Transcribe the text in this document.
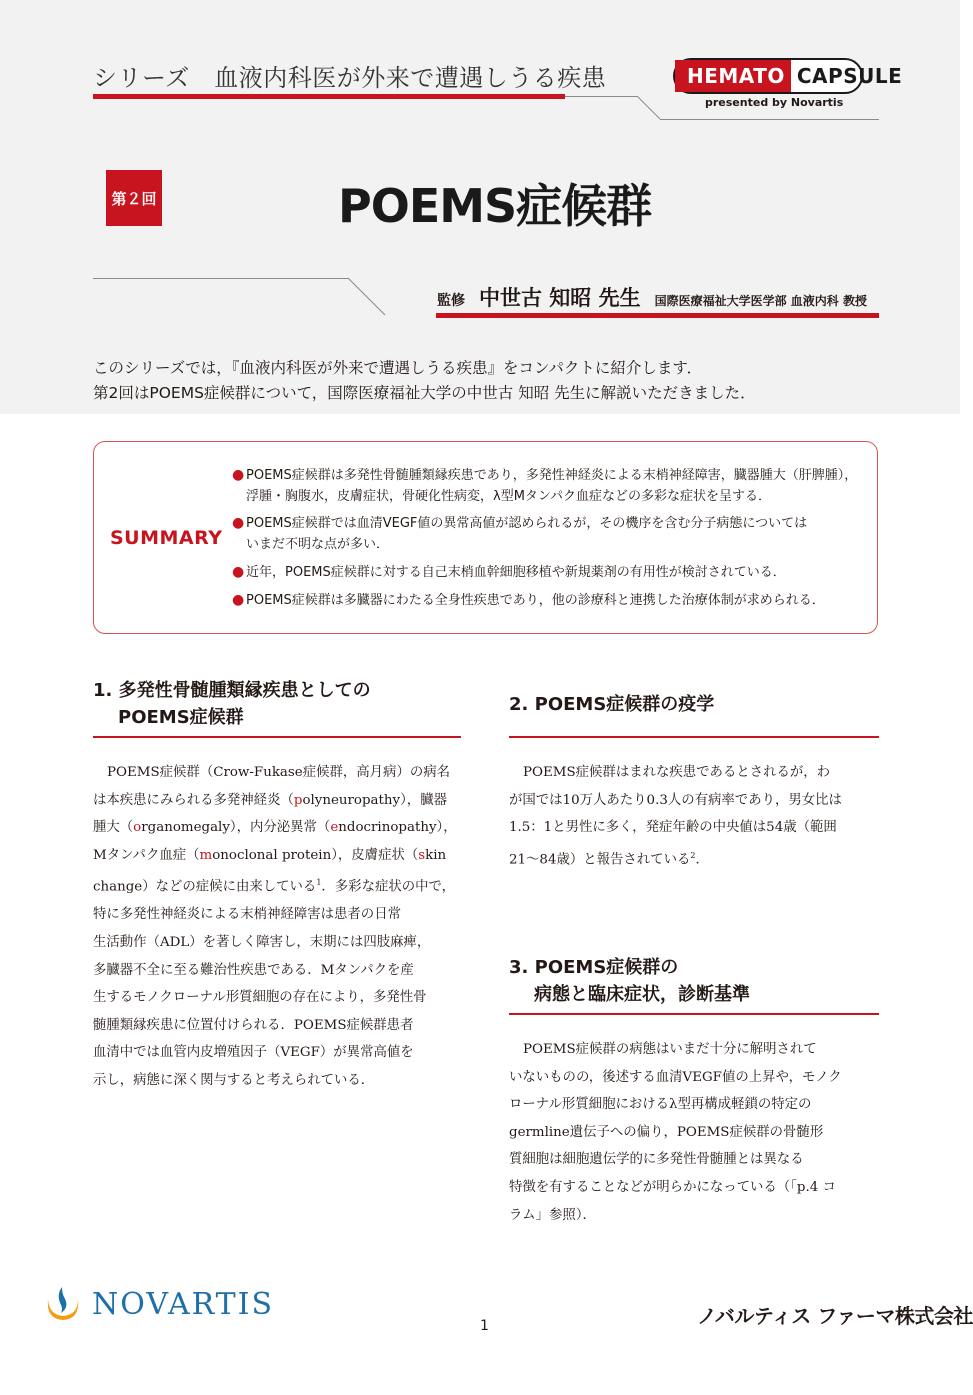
シリーズ　血液内科医が外来で遭遇しうる疾患	HEMATO CAPSULE
presented by Novartis
第２回	POEMS症候群
監修 中世古 知昭 先生 国際医療福祉大学医学部 血液内科 教授
このシリーズでは，『血液内科医が外来で遭遇しうる疾患』をコンパクトに紹介します．
第2回はPOEMS症候群について，国際医療福祉大学の中世古 知昭 先生に解説いただきました．
SUMMARY
● POEMS症候群は多発性骨髄腫類縁疾患であり，多発性神経炎による末梢神経障害，臓器腫大（肝脾腫），
浮腫・胸腹水，皮膚症状，骨硬化性病変，λ型Mタンパク血症などの多彩な症状を呈する．
● POEMS症候群では血清VEGF値の異常高値が認められるが，その機序を含む分子病態については
いまだ不明な点が多い．
● 近年，POEMS症候群に対する自己末梢血幹細胞移植や新規薬剤の有用性が検討されている．
● POEMS症候群は多臓器にわたる全身性疾患であり，他の診療科と連携した治療体制が求められる．
1. 多発性骨髄腫類縁疾患としての
POEMS症候群
2. POEMS症候群の疫学
3. POEMS症候群の
病態と臨床症状，診断基準
POEMS症候群（Crow-Fukase症候群，高月病）の病名
は本疾患にみられる多発神経炎（polyneuropathy），臓器
腫大（organomegaly），内分泌異常（endocrinopathy），
Mタンパク血症（monoclonal protein），皮膚症状（skin
change）などの症候に由来している$^1$．多彩な症状の中で，
特に多発性神経炎による末梢神経障害は患者の日常
生活動作（ADL）を著しく障害し，末期には四肢麻痺，
多臓器不全に至る難治性疾患である．Mタンパクを産
生するモノクローナル形質細胞の存在により，多発性骨
髄腫類縁疾患に位置付けられる．POEMS症候群患者
血清中では血管内皮増殖因子（VEGF）が異常高値を
示し，病態に深く関与すると考えられている．
POEMS症候群はまれな疾患であるとされるが，わ
が国では10万人あたり0.3人の有病率であり，男女比は
1.5：1と男性に多く，発症年齢の中央値は54歳（範囲
21〜84歳）と報告されている$^2$．
POEMS症候群の病態はいまだ十分に解明されて
いないものの，後述する血清VEGF値の上昇や，モノク
ローナル形質細胞におけるλ型再構成軽鎖の特定の
germline遺伝子への偏り，POEMS症候群の骨髄形
質細胞は細胞遺伝学的に多発性骨髄腫とは異なる
特徴を有することなどが明らかになっている（「p.4 コ
ラム」参照）．
NOVARTIS
1	ノバルティス ファーマ株式会社
